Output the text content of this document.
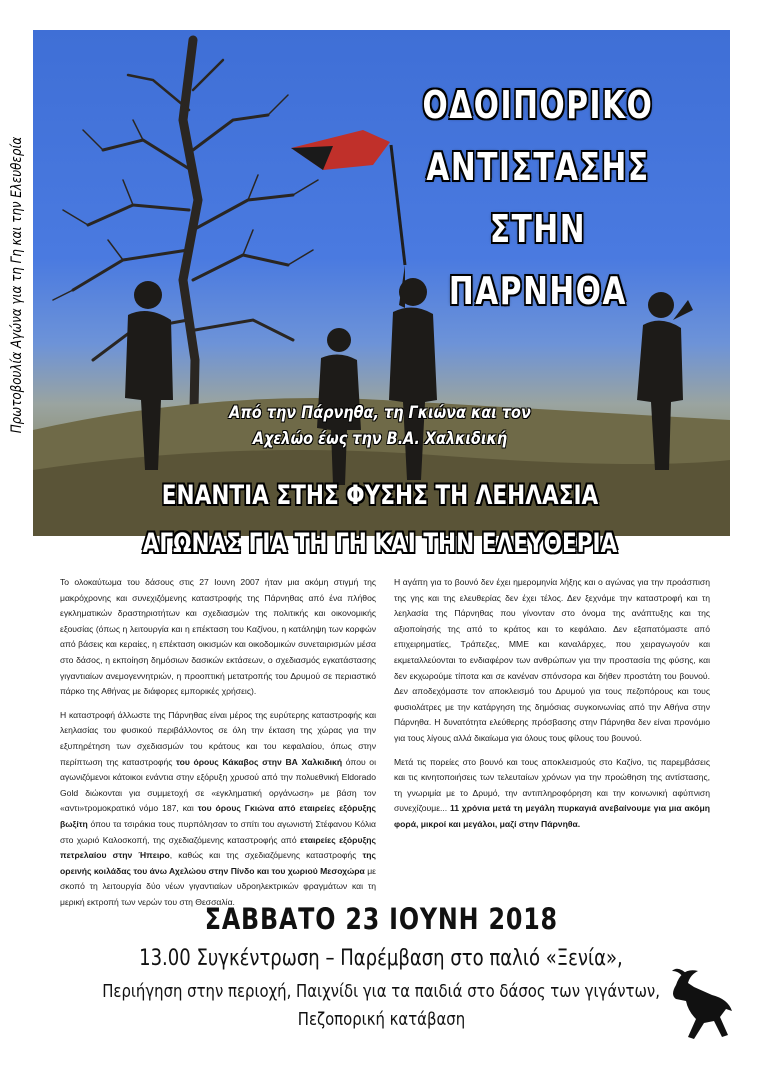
ΟΔΟΙΠΟΡΙΚΟ
ΑΝΤΙΣΤΑΣΗΣ
ΣΤΗΝ ΠΑΡΝΗΘΑ
Από την Πάρνηθα, τη Γκιώνα και τον
Αχελώο έως την Β.Α. Χαλκιδική
ΕΝΑΝΤΙΑ ΣΤΗΣ ΦΥΣΗΣ ΤΗ ΛΕΗΛΑΣΙΑ
ΑΓΩΝΑΣ ΓΙΑ ΤΗ ΓΗ ΚΑΙ ΤΗΝ ΕΛΕΥΘΕΡΙΑ
Πρωτοβουλία Αγώνα για τη Γη και την Ελευθερία

Το ολοκαύτωμα του δάσους στις 27 Ιουνη 2007 ήταν μια ακόμη στιγμή της μακρόχρονης και συνεχιζόμενης καταστροφής της Πάρνηθας από ένα πλήθος εγκληματικών δραστηριοτήτων και σχεδιασμών της πολιτικής και οικονομικής εξουσίας (όπως η λειτουργία και η επέκταση του Καζίνου, η κατάληψη των κορφών από βάσεις και κεραίες, η επέκταση οικισμών και οικοδομικών συνεταιρισμών μέσα στο δάσος, η εκποίηση δημόσιων δασικών εκτάσεων, ο σχεδιασμός εγκατάστασης γιγαντιαίων ανεμογεννητριών, η προοπτική μετατροπής του Δρυμού σε περιαστικό πάρκο της Αθήνας με διάφορες εμπορικές χρήσεις).

Η καταστροφή άλλωστε της Πάρνηθας είναι μέρος της ευρύτερης καταστροφής και λεηλασίας του φυσικού περιβάλλοντος σε όλη την έκταση της χώρας για την εξυπηρέτηση των σχεδιασμών του κράτους και του κεφαλαίου, όπως στην περίπτωση της καταστροφής του όρους Κάκαβος στην ΒΑ Χαλκιδική όπου οι αγωνιζόμενοι κάτοικοι ενάντια στην εξόρυξη χρυσού από την πολυεθνική Eldorado Gold διώκονται για συμμετοχή σε «εγκληματική οργάνωση» με βάση τον «αντι»τρομοκρατικό νόμο 187, και του όρους Γκιώνα από εταιρείες εξόρυξης βωξίτη όπου τα τσιράκια τους πυρπόλησαν το σπίτι του αγωνιστή Στέφανου Κόλια στο χωριό Καλοσκοπή, της σχεδιαζόμενης καταστροφής από εταιρείες εξόρυξης πετρελαίου στην Ήπειρο, καθώς και της σχεδιαζόμενης καταστροφής της ορεινής κοιλάδας του άνω Αχελώου στην Πίνδο και του χωριού Μεσοχώρα με σκοπό τη λειτουργία δύο νέων γιγαντιαίων υδροηλεκτρικών φραγμάτων και τη μερική εκτροπή των νερών του στη Θεσσαλία.

Η αγάπη για το βουνό δεν έχει ημερομηνία λήξης και ο αγώνας για την προάσπιση της γης και της ελευθερίας δεν έχει τέλος. Δεν ξεχνάμε την καταστροφή και τη λεηλασία της Πάρνηθας που γίνονταν στο όνομα της ανάπτυξης και της αξιοποίησής της από το κράτος και το κεφάλαιο. Δεν εξαπατόμαστε από επιχειρηματίες, Τράπεζες, ΜΜΕ και καναλάρχες, που χειραγωγούν και εκμεταλλεύονται το ενδιαφέρον των ανθρώπων για την προστασία της φύσης, και δεν εκχωρούμε τίποτα και σε κανέναν σπόνσορα και δήθεν προστάτη του βουνού. Δεν αποδεχόμαστε τον αποκλεισμό του Δρυμού για τους πεζοπόρους και τους φυσιολάτρες με την κατάργηση της δημόσιας συγκοινωνίας από την Αθήνα στην Πάρνηθα. Η δυνατότητα ελεύθερης πρόσβασης στην Πάρνηθα δεν είναι προνόμιο για τους λίγους αλλά δικαίωμα για όλους τους φίλους του βουνού.

Μετά τις πορείες στο βουνό και τους αποκλεισμούς στο Καζίνο, τις παρεμβάσεις και τις κινητοποιήσεις των τελευταίων χρόνων για την προώθηση της αντίστασης, τη γνωριμία με το Δρυμό, την αντιπληροφόρηση και την κοινωνική αφύπνιση συνεχίζουμε... 11 χρόνια μετά τη μεγάλη πυρκαγιά ανεβαίνουμε για μια ακόμη φορά, μικροί και μεγάλοι, μαζί στην Πάρνηθα.

ΣΑΒΒΑΤΟ 23 ΙΟΥΝΗ 2018
13.00 Συγκέντρωση – Παρέμβαση στο παλιό «Ξενία»,
Περιήγηση στην περιοχή, Παιχνίδι για τα παιδιά στο δάσος των γιγάντων,
Πεζοπορική κατάβαση
